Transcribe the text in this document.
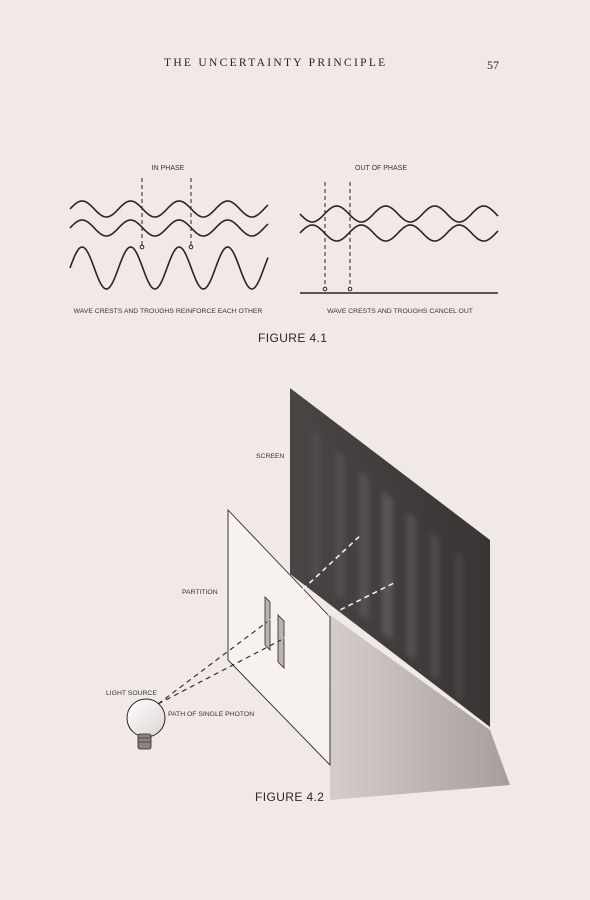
THE UNCERTAINTY PRINCIPLE	57
IN PHASE	OUT OF PHASE
WAVE CRESTS AND TROUGHS REINFORCE EACH OTHER	WAVE CRESTS AND TROUGHS CANCEL OUT
SCREEN
PARTITION
LIGHT SOURCE
PATH OF SINGLE PHOTON
FIGURE 4.1
FIGURE 4.2
